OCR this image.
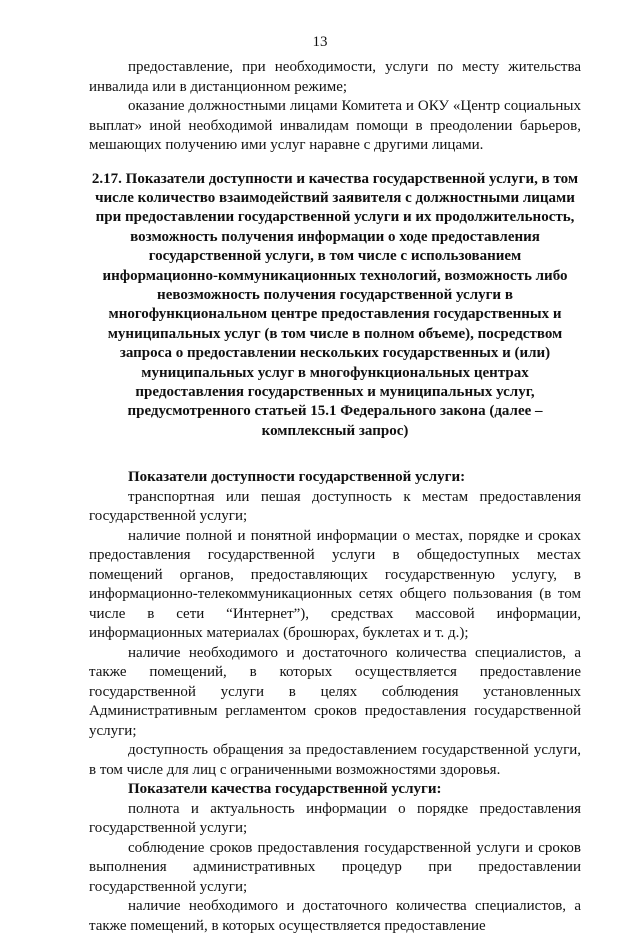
13

предоставление, при необходимости, услуги по месту жительства инвалида или в дистанционном режиме;

оказание должностными лицами Комитета и ОКУ «Центр социальных выплат» иной необходимой инвалидам помощи в преодолении барьеров, мешающих получению ими услуг наравне с другими лицами.

2.17. Показатели доступности и качества государственной услуги, в том числе количество взаимодействий заявителя с должностными лицами при предоставлении государственной услуги и их продолжительность, возможность получения информации о ходе предоставления государственной услуги, в том числе с использованием информационно-коммуникационных технологий, возможность либо невозможность получения государственной услуги в многофункциональном центре предоставления государственных и муниципальных услуг (в том числе в полном объеме), посредством запроса о предоставлении нескольких государственных и (или) муниципальных услуг в многофункциональных центрах предоставления государственных и муниципальных услуг, предусмотренного статьей 15.1 Федерального закона (далее – комплексный запрос)

Показатели доступности государственной услуги:

транспортная или пешая доступность к местам предоставления государственной услуги;

наличие полной и понятной информации о местах, порядке и сроках предоставления государственной услуги в общедоступных местах помещений органов, предоставляющих государственную услугу, в информационно-телекоммуникационных сетях общего пользования (в том числе в сети “Интернет”), средствах массовой информации, информационных материалах (брошюрах, буклетах и т. д.);

наличие необходимого и достаточного количества специалистов, а также помещений, в которых осуществляется предоставление государственной услуги в целях соблюдения установленных Административным регламентом сроков предоставления государственной услуги;

доступность обращения за предоставлением государственной услуги, в том числе для лиц с ограниченными возможностями здоровья.

Показатели качества государственной услуги:

полнота и актуальность информации о порядке предоставления государственной услуги;

соблюдение сроков предоставления государственной услуги и сроков выполнения административных процедур при предоставлении государственной услуги;

наличие необходимого и достаточного количества специалистов, а также помещений, в которых осуществляется предоставление
